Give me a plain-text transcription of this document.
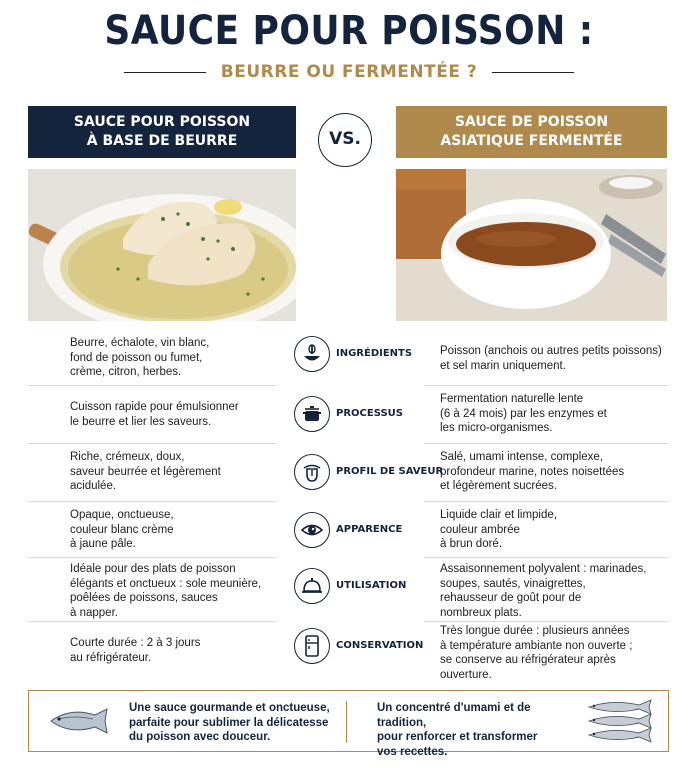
SAUCE POUR POISSON :
BEURRE OU FERMENTÉE ?
SAUCE POUR POISSON
À BASE DE BEURRE	VS.
SAUCE DE POISSON
ASIATIQUE FERMENTÉE
Beurre, échalote, vin blanc,
fond de poisson ou fumet,
crème, citron, herbes.
INGRÉDIENTS Poisson (anchois ou autres petits poissons)
et sel marin uniquement.
Cuisson rapide pour émulsionner
le beurre et lier les saveurs.
PROCESSUS
Fermentation naturelle lente
(6 à 24 mois) par les enzymes et
les micro-organismes.
Riche, crémeux, doux,
saveur beurrée et légèrement
acidulée.
PROFIL DE SAVEUR
Salé, umami intense, complexe,
profondeur marine, notes noisettées
et légèrement sucrées.
Opaque, onctueuse,
couleur blanc crème
à jaune pâle.
APPARENCE
Liquide clair et limpide,
couleur ambrée
à brun doré.
Idéale pour des plats de poisson
élégants et onctueux : sole meunière,
poêlées de poissons, sauces
à napper.
UTILISATION
Assaisonnement polyvalent : marinades,
soupes, sautés, vinaigrettes,
rehausseur de goût pour de
nombreux plats.
Courte durée : 2 à 3 jours
au réfrigérateur.
CONSERVATION
Très longue durée : plusieurs années
à température ambiante non ouverte ;
se conserve au réfrigérateur après
ouverture.
Une sauce gourmande et onctueuse,
parfaite pour sublimer la délicatesse
du poisson avec douceur.
Un concentré d'umami et de tradition,
pour renforcer et transformer
vos recettes.
